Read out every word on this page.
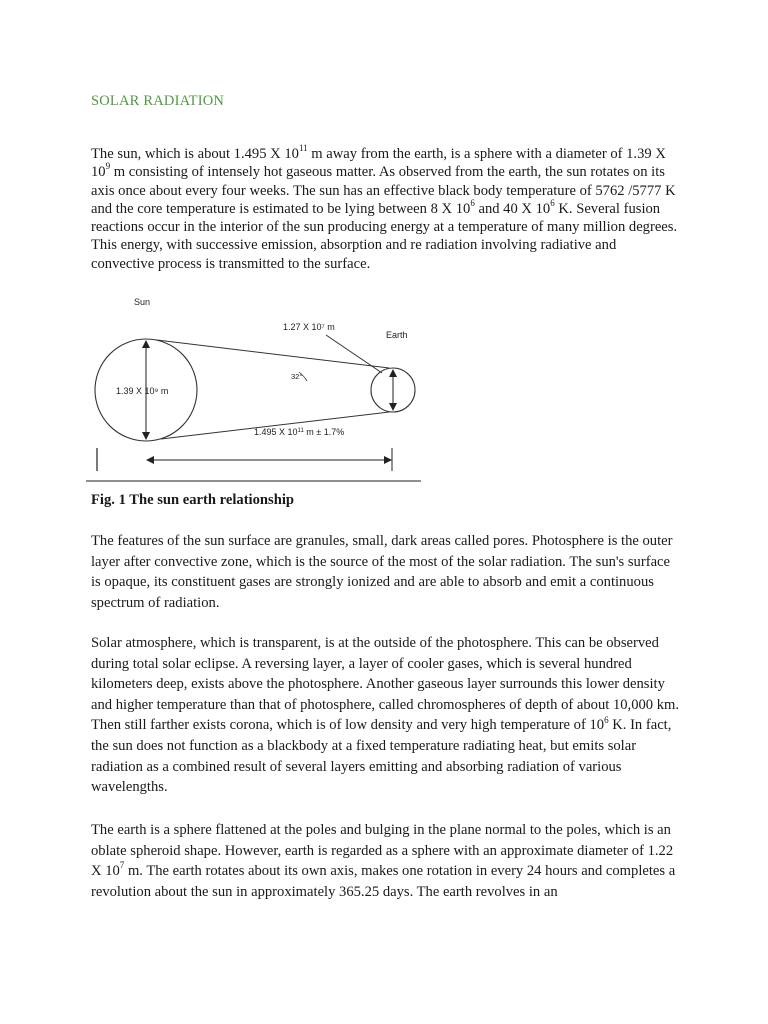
SOLAR RADIATION

The sun, which is about 1.495 X $10^{11}$ m away from the earth, is a sphere with a diameter of 1.39 X $10^9$ m consisting of intensely hot gaseous matter. As observed from the earth, the sun rotates on its axis once about every four weeks. The sun has an effective black body temperature of 5762 /5777 K and the core temperature is estimated to be lying between 8 X $10^6$ and 40 X $10^6$ K. Several fusion reactions occur in the interior of the sun producing energy at a temperature of many million degrees. This energy, with successive emission, absorption and re radiation involving radiative and convective process is transmitted to the surface.

Sun
Earth
1.27 X 10⁷ m
1.39 X 10⁹ m
32°
1.495 X $10^{11}$ m ± 1.7%
Fig. 1 The sun earth relationship

The features of the sun surface are granules, small, dark areas called pores. Photosphere is the outer layer after convective zone, which is the source of the most of the solar radiation. The sun's surface is opaque, its constituent gases are strongly ionized and are able to absorb and emit a continuous spectrum of radiation.

Solar atmosphere, which is transparent, is at the outside of the photosphere. This can be observed during total solar eclipse. A reversing layer, a layer of cooler gases, which is several hundred kilometers deep, exists above the photosphere. Another gaseous layer surrounds this lower density and higher temperature than that of photosphere, called chromospheres of depth of about 10,000 km. Then still farther exists corona, which is of low density and very high temperature of $10^6$ K. In fact, the sun does not function as a blackbody at a fixed temperature radiating heat, but emits solar radiation as a combined result of several layers emitting and absorbing radiation of various wavelengths.

The earth is a sphere flattened at the poles and bulging in the plane normal to the poles, which is an oblate spheroid shape. However, earth is regarded as a sphere with an approximate diameter of 1.22 X $10^7$ m. The earth rotates about its own axis, makes one rotation in every 24 hours and completes a revolution about the sun in approximately 365.25 days. The earth revolves in an
